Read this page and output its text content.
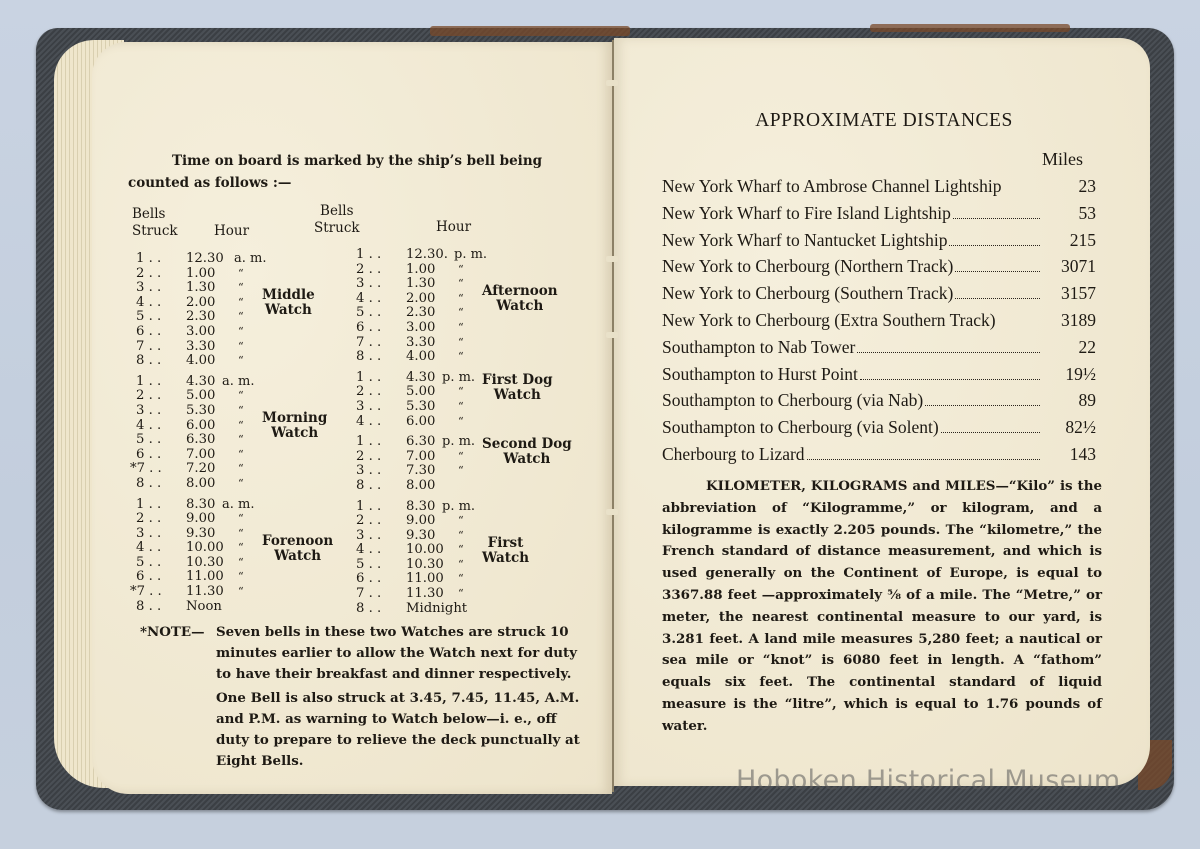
Time on board is marked by the ship’s bell being
counted as follows :—
Bells
Struck	Hour
Bells
Struck	Hour
1 . .	12.30 a. m.
2 . .	1.00 “
3 . .	1.30 “
4 . .	2.00 “
5 . .	2.30 “
6 . .	3.00 “
7 . .	3.30 “
8 . .	4.00 “
Middle
Watch
1 . .	4.30 a. m.
2 . .	5.00 “
3 . .	5.30 “
4 . .	6.00 “
5 . .	6.30 “
6 . .	7.00 “
*7 . .	7.20 “
8 . .	8.00 “
Morning
Watch
1 . .	8.30 a. m.
2 . .	9.00 “
3 . .	9.30 “
4 . .	10.00 “
5 . .	10.30 “
6 . .	11.00 “
*7 . .	11.30 “
8 . .	Noon
Forenoon
Watch
1 . .	12.30. p. m.
2 . .	1.00 “
3 . .	1.30 “
4 . .	2.00 “
5 . .	2.30 “
6 . .	3.00 “
7 . .	3.30 “
8 . .	4.00 “
Afternoon
Watch
1 . .	4.30 p. m.
2 . .	5.00 “
3 . .	5.30 “
4 . .	6.00 “
First Dog
Watch
1 . .	6.30 p. m.
2 . .	7.00 “
3 . .	7.30 “
8 . .	8.00
Second Dog
Watch
1 . .	8.30 p. m.
2 . .	9.00 “
3 . .	9.30 “
4 . .	10.00 “
5 . .	10.30 “
6 . .	11.00 “
7 . .	11.30 “
8 . .	Midnight
First
Watch
*NOTE— Seven bells in these two Watches are struck 10 minutes earlier to allow the Watch next for duty to have their breakfast and dinner respectively.

One Bell is also struck at 3.45, 7.45, 11.45, A.M. and P.M. as warning to Watch below—i. e., off duty to prepare to relieve the deck punctually at Eight Bells.

APPROXIMATE DISTANCES
Miles
New York Wharf to Ambrose Channel Lightship	23
New York Wharf to Fire Island Lightship	53
New York Wharf to Nantucket Lightship	215
New York to Cherbourg (Northern Track)	3071
New York to Cherbourg (Southern Track)	3157
New York to Cherbourg (Extra Southern Track)	3189
Southampton to Nab Tower	22
Southampton to Hurst Point	19½
Southampton to Cherbourg (via Nab)	89
Southampton to Cherbourg (via Solent)	82½
Cherbourg to Lizard	143
KILOMETER, KILOGRAMS and MILES—“Kilo” is the abbreviation of “Kilogramme,” or kilogram, and a kilogramme is exactly 2.205 pounds. The “kilometre,” the French standard of distance measurement, and which is used generally on the Continent of Europe, is equal to 3367.88 feet —approximately ⅝ of a mile. The “Metre,” or meter, the nearest continental measure to our yard, is 3.281 feet. A land mile measures 5,280 feet; a nautical or sea mile or “knot” is 6080 feet in length. A “fathom” equals six feet. The continental standard of liquid measure is the “litre”, which is equal to 1.76 pounds of water.
Hoboken Historical Museum
